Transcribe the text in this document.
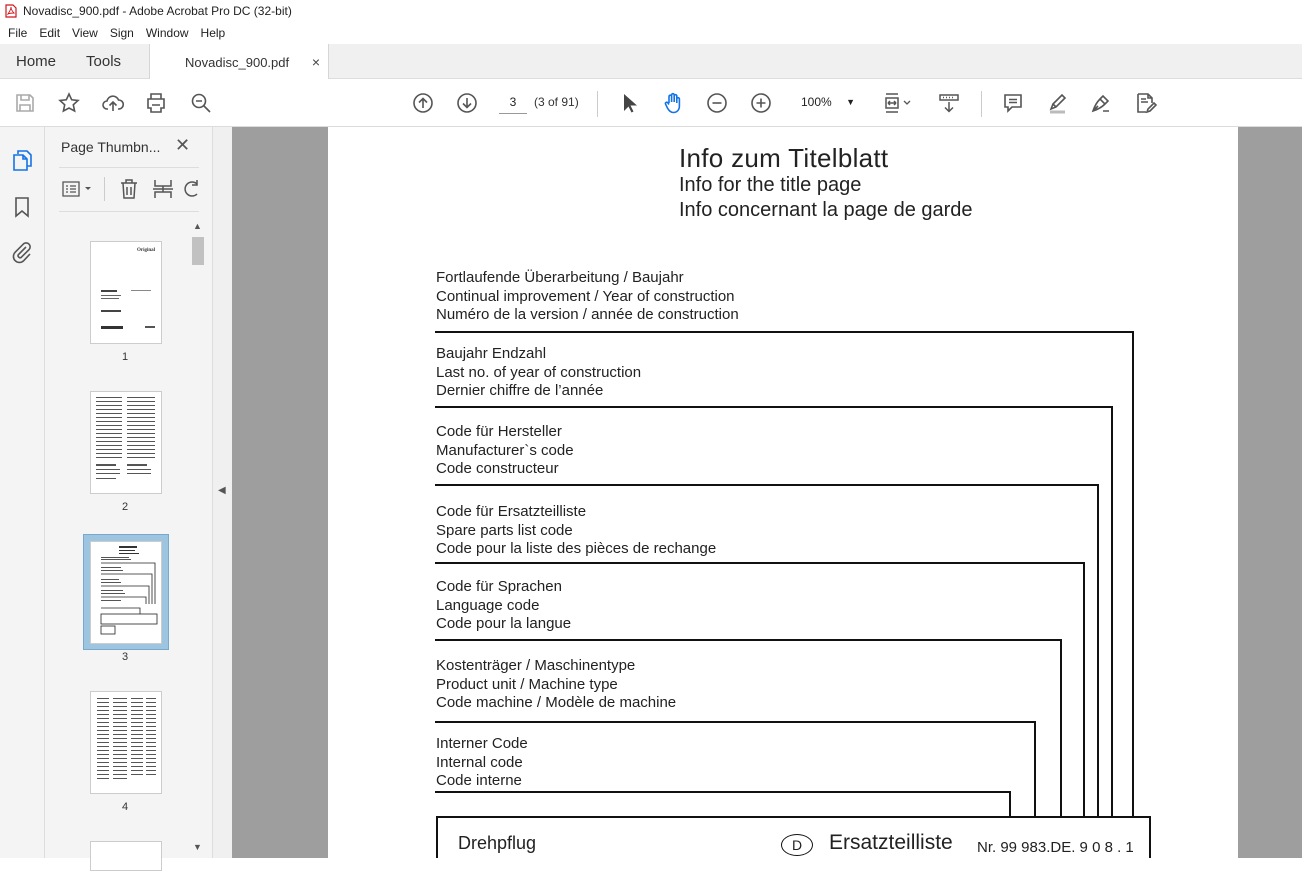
Novadisc_900.pdf - Adobe Acrobat Pro DC (32-bit)
File	Edit	View	Sign	Window	Help
Home	Tools	Novadisc_900.pdf ×
3	(3 of 91)	100% ▼
Page Thumbn... ✕
Original
1
2
3
4
▲
▼
◀
Info zum Titelblatt
Info for the title page
Info concernant la page de garde
Fortlaufende Überarbeitung / Baujahr
Continual improvement / Year of construction
Numéro de la version / année de construction
Baujahr Endzahl
Last no. of year of construction
Dernier chiffre de l’année
Code für Hersteller
Manufacturer`s code
Code constructeur
Code für Ersatzteilliste
Spare parts list code
Code pour la liste des pièces de rechange
Code für Sprachen
Language code
Code pour la langue
Kostenträger / Maschinentype
Product unit / Machine type
Code machine / Modèle de machine
Interner Code
Internal code
Code interne
Drehpflug	D	Ersatzteilliste Nr. 99 983.DE. 9 0 8 . 1
